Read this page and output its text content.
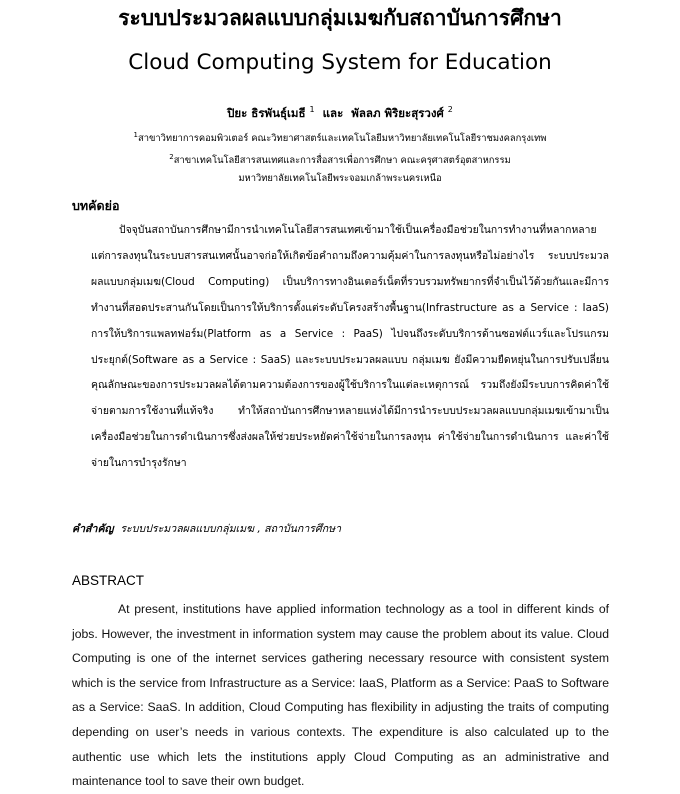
ระบบประมวลผลแบบกลุ่มเมฆกับสถาบันการศึกษา
Cloud Computing System for Education
ปิยะ ธิรพันธุ์เมธี $^1$ และ พัลลภ พิริยะสุรวงศ์ $^2$
$^1$สาขาวิทยาการคอมพิวเตอร์ คณะวิทยาศาสตร์และเทคโนโลยีมหาวิทยาลัยเทคโนโลยีราชมงคลกรุงเทพ
$^2$สาขาเทคโนโลยีสารสนเทศและการสื่อสารเพื่อการศึกษา คณะครุศาสตร์อุตสาหกรรม
มหาวิทยาลัยเทคโนโลยีพระจอมเกล้าพระนครเหนือ
บทคัดย่อ

ปัจจุบันสถาบันการศึกษามีการนำเทคโนโลยีสารสนเทศเข้ามาใช้เป็นเครื่องมือช่วยในการทำงานที่หลากหลาย แต่การลงทุนในระบบสารสนเทศนั้นอาจก่อให้เกิดข้อคำถามถึงความคุ้มค่าในการลงทุนหรือไม่อย่างไร ระบบประมวลผลแบบกลุ่มเมฆ(Cloud Computing) เป็นบริการทางอินเตอร์เน็ตที่รวบรวมทรัพยากรที่จำเป็นไว้ด้วยกันและมีการทำงานที่สอดประสานกันโดยเป็นการให้บริการตั้งแต่ระดับโครงสร้างพื้นฐาน(Infrastructure as a Service : IaaS) การให้บริการแพลทฟอร์ม(Platform as a Service : PaaS) ไปจนถึงระดับบริการด้านซอฟต์แวร์และโปรแกรมประยุกต์(Software as a Service : SaaS) และระบบประมวลผลแบบ กลุ่มเมฆ ยังมีความยืดหยุ่นในการปรับเปลี่ยนคุณลักษณะของการประมวลผลได้ตามความต้องการของผู้ใช้บริการในแต่ละเหตุการณ์ รวมถึงยังมีระบบการคิดค่าใช้จ่ายตามการใช้งานที่แท้จริง ทำให้สถาบันการศึกษาหลายแห่งได้มีการนำระบบประมวลผลแบบกลุ่มเมฆเข้ามาเป็นเครื่องมือช่วยในการดำเนินการซึ่งส่งผลให้ช่วยประหยัดค่าใช้จ่ายในการลงทุน ค่าใช้จ่ายในการดำเนินการ และค่าใช้จ่ายในการบำรุงรักษา

คำสำคัญ ระบบประมวลผลแบบกลุ่มเมฆ , สถาบันการศึกษา
ABSTRACT

At present, institutions have applied information technology as a tool in different kinds of jobs. However, the investment in information system may cause the problem about its value. Cloud Computing is one of the internet services gathering necessary resource with consistent system which is the service from Infrastructure as a Service: IaaS, Platform as a Service: PaaS to Software as a Service: SaaS. In addition, Cloud Computing has flexibility in adjusting the traits of computing depending on user’s needs in various contexts. The expenditure is also calculated up to the authentic use which lets the institutions apply Cloud Computing as an administrative and maintenance tool to save their own budget.
